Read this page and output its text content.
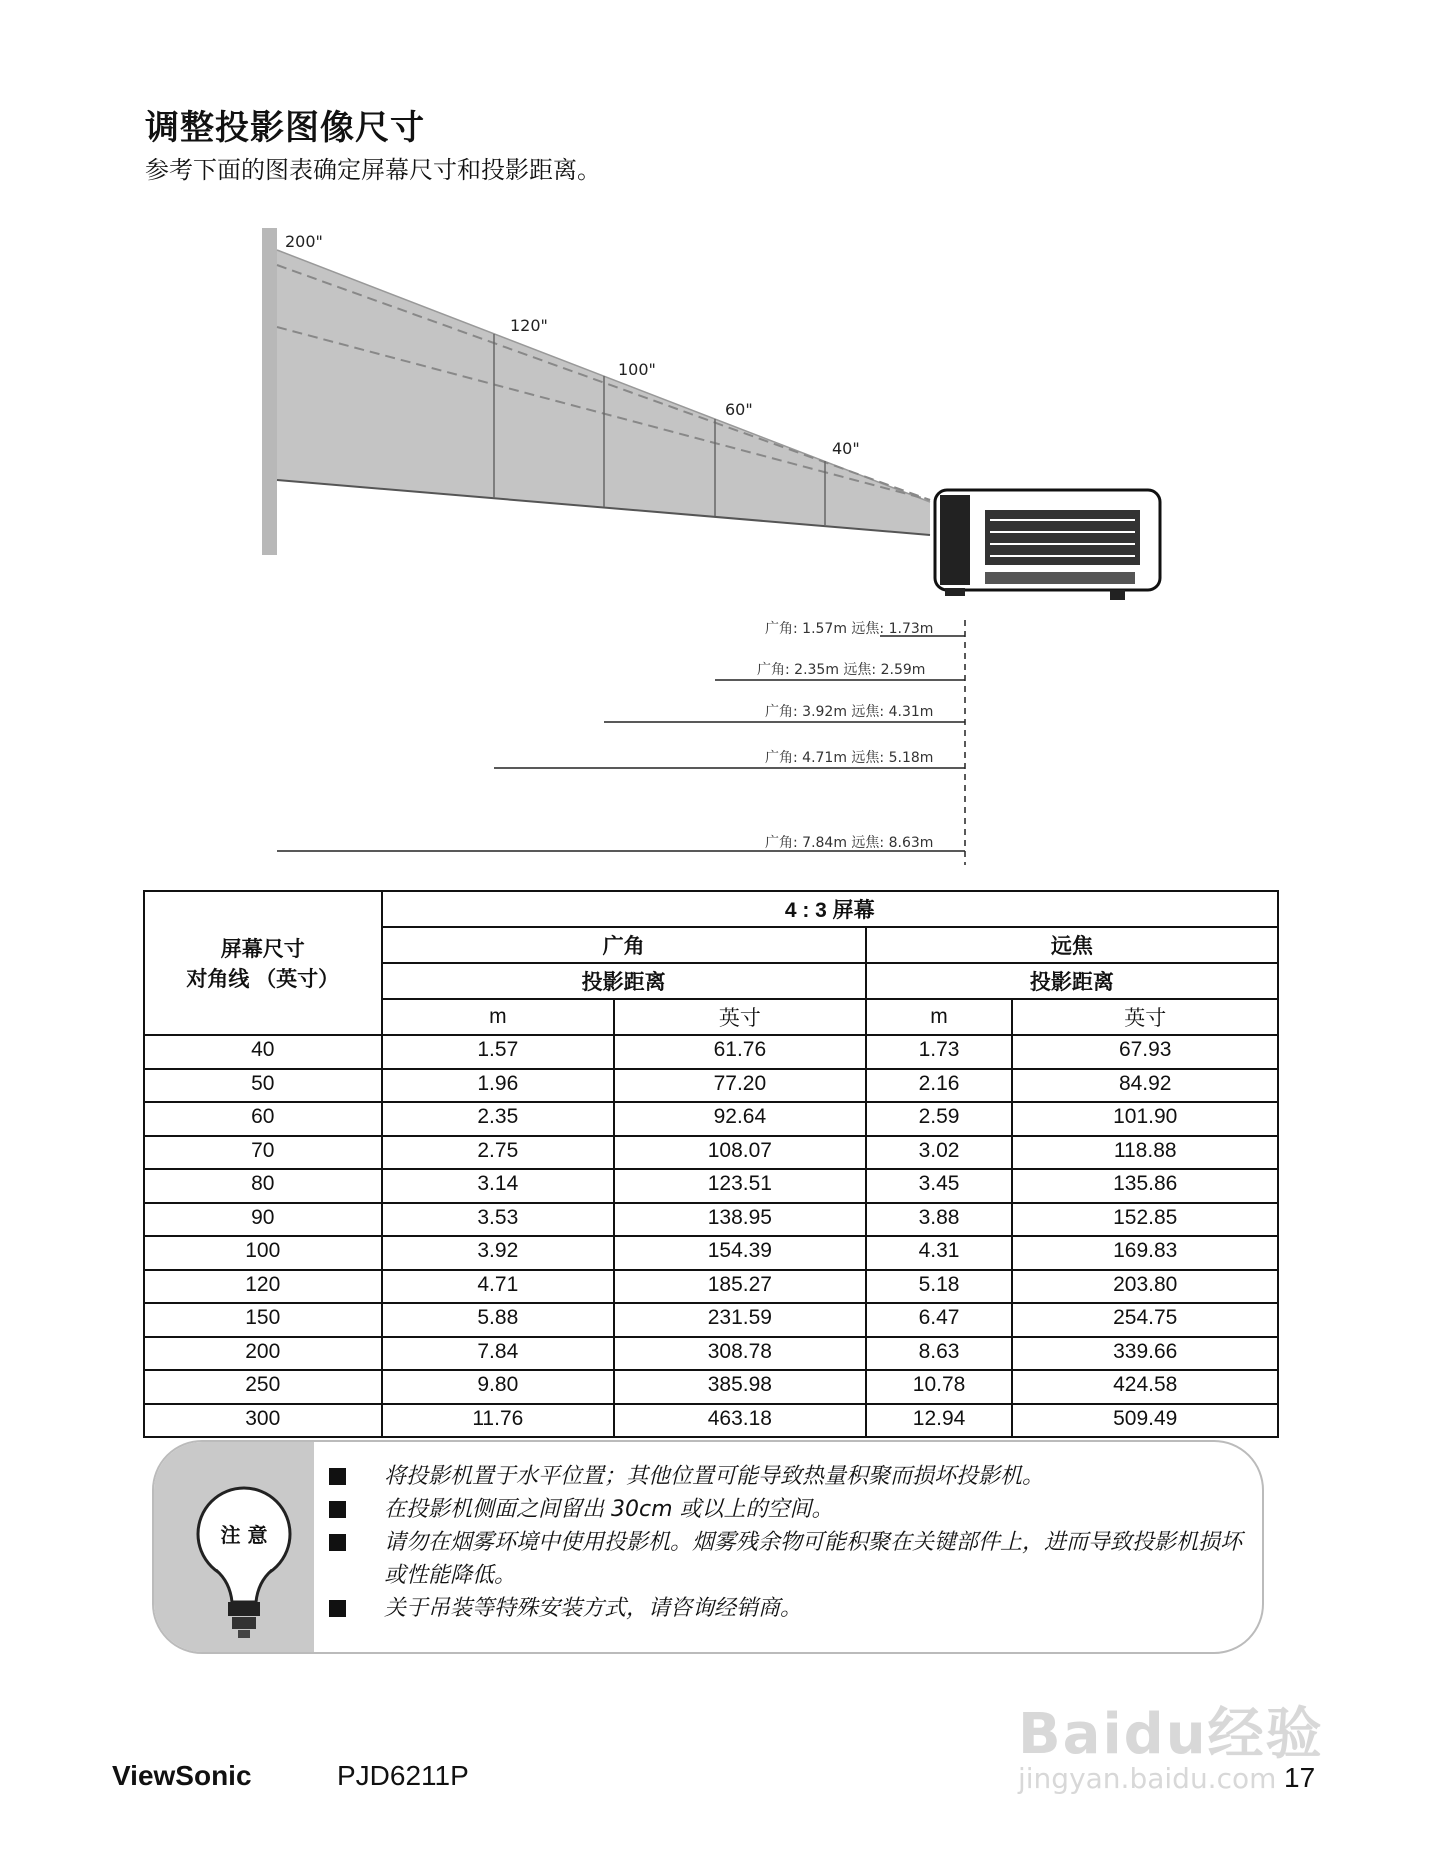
调整投影图像尺寸
参考下面的图表确定屏幕尺寸和投影距离。
200"
120"
100"
60"
40"
广角: 1.57m 远焦: 1.73m
广角: 2.35m 远焦: 2.59m
广角: 3.92m 远焦: 4.31m
广角: 4.71m 远焦: 5.18m
广角: 7.84m 远焦: 8.63m
屏幕尺寸
对角线 （英寸）	4 : 3 屏幕			
	广角		远焦	
	投影距离		投影距离	
	m	英寸	m	英寸
40	1.57	61.76	1.73	67.93
50	1.96	77.20	2.16	84.92
60	2.35	92.64	2.59	101.90
70	2.75	108.07	3.02	118.88
80	3.14	123.51	3.45	135.86
90	3.53	138.95	3.88	152.85
100	3.92	154.39	4.31	169.83
120	4.71	185.27	5.18	203.80
150	5.88	231.59	6.47	254.75
200	7.84	308.78	8.63	339.66
250	9.80	385.98	10.78	424.58
300	11.76	463.18	12.94	509.49
注 意
将投影机置于水平位置；其他位置可能导致热量积聚而损坏投影机。
在投影机侧面之间留出 30cm 或以上的空间。
请勿在烟雾环境中使用投影机。烟雾残余物可能积聚在关键部件上，进而导致投影机损坏或性能降低。
关于吊装等特殊安装方式，请咨询经销商。
Baidu经验
jingyan.baidu.com
ViewSonic	PJD6211P	17
